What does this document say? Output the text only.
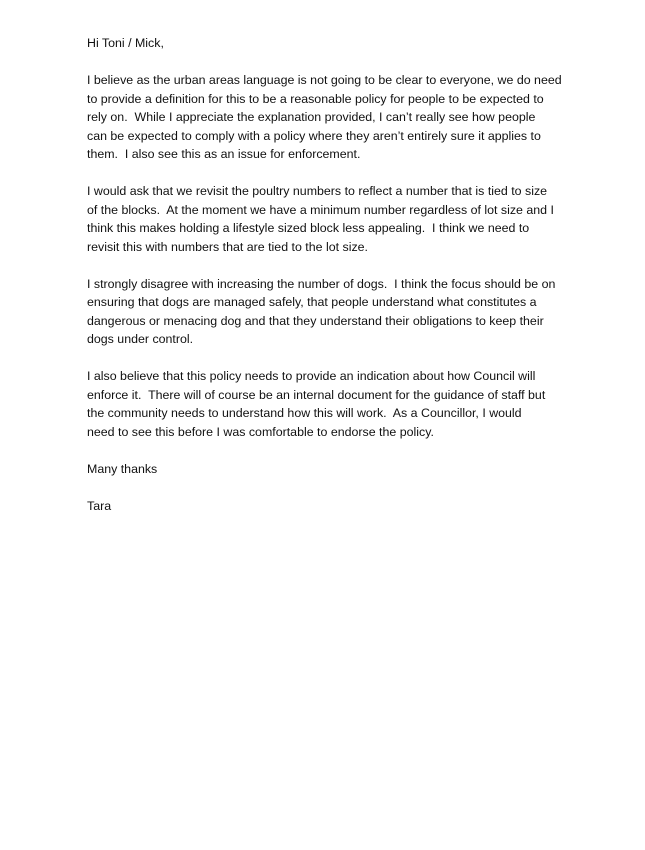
Hi Toni / Mick,

I believe as the urban areas language is not going to be clear to everyone, we do need
to provide a definition for this to be a reasonable policy for people to be expected to
rely on.  While I appreciate the explanation provided, I can’t really see how people
can be expected to comply with a policy where they aren’t entirely sure it applies to
them.  I also see this as an issue for enforcement.

I would ask that we revisit the poultry numbers to reflect a number that is tied to size
of the blocks.  At the moment we have a minimum number regardless of lot size and I
think this makes holding a lifestyle sized block less appealing.  I think we need to
revisit this with numbers that are tied to the lot size.

I strongly disagree with increasing the number of dogs.  I think the focus should be on
ensuring that dogs are managed safely, that people understand what constitutes a
dangerous or menacing dog and that they understand their obligations to keep their
dogs under control.

I also believe that this policy needs to provide an indication about how Council will
enforce it.  There will of course be an internal document for the guidance of staff but
the community needs to understand how this will work.  As a Councillor, I would
need to see this before I was comfortable to endorse the policy.

Many thanks

Tara
